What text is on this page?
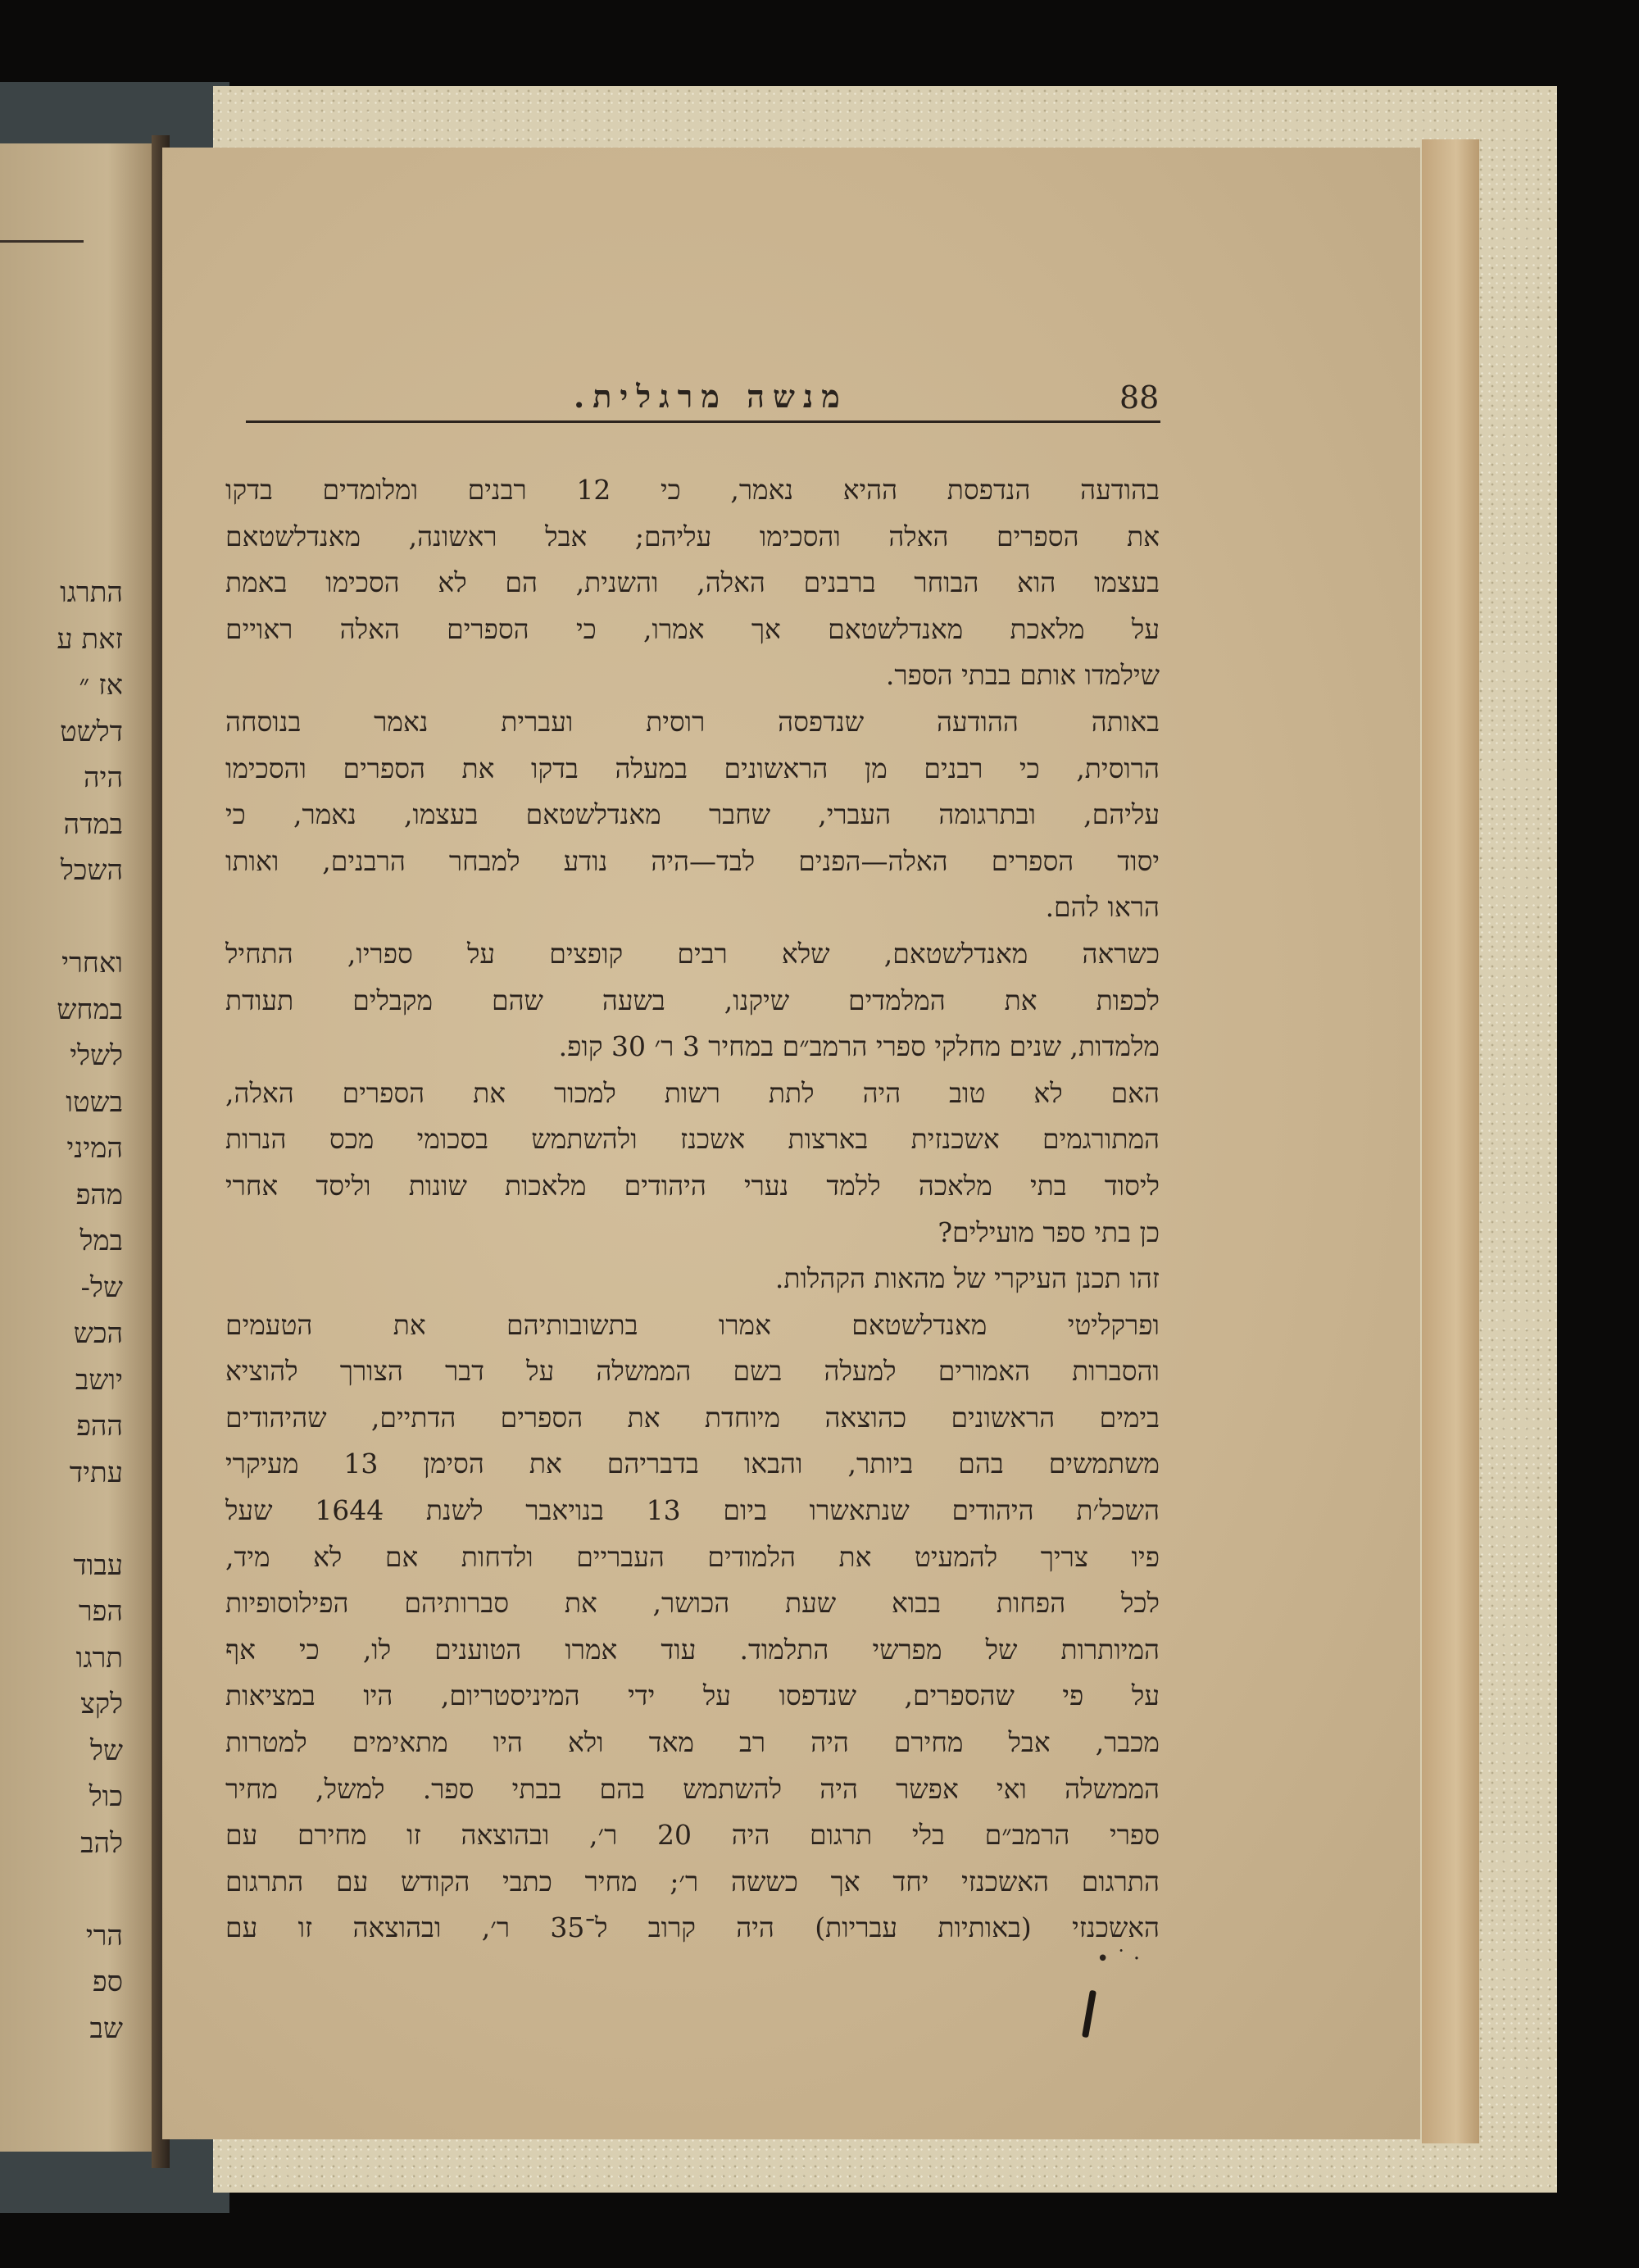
התרגו
זאת ע
אז ״
דלשט
היה
במדה
השכל
ואחרי
במחש
לשלי
בשטו
המיני
מהפ
במל
של-
הכש
יושב
ההפ
עתיד
עבוד
הפר
תרגו
לקצ
של
כול
להב
הרי
ספ
שב
מנשה מרגלית.	88
בהודעה הנדפסת ההיא נאמר, כי 12 רבנים ומלומדים בדקו
את הספרים האלה והסכימו עליהם; אבל ראשונה, מאנדלשטאם
בעצמו הוא הבוחר ברבנים האלה, והשנית, הם לא הסכימו באמת
על מלאכת מאנדלשטאם אך אמרו, כי הספרים האלה ראויים
שילמדו אותם בבתי הספר.
באותה ההודעה שנדפסה רוסית ועברית נאמר בנוסחה
הרוסית, כי רבנים מן הראשונים במעלה בדקו את הספרים והסכימו
עליהם, ובתרגומה העברי, שחבר מאנדלשטאם בעצמו, נאמר, כי
יסוד הספרים האלה—הפנים לבד—היה נודע למבחר הרבנים, ואותו
הראו להם.
כשראה מאנדלשטאם, שלא רבים קופצים על ספריו, התחיל
לכפות את המלמדים שיקנו, בשעה שהם מקבלים תעודת
מלמדות, שנים מחלקי ספרי הרמב״ם במחיר 3 ר׳ 30 קופ.
האם לא טוב היה לתת רשות למכור את הספרים האלה,
המתורגמים אשכנזית בארצות אשכנז ולהשתמש בסכומי מכס הנרות
ליסוד בתי מלאכה ללמד נערי היהודים מלאכות שונות וליסד אחרי
כן בתי ספר מועילים?
זהו תכנן העיקרי של מהאות הקהלות.
ופרקליטי מאנדלשטאם אמרו בתשובותיהם את הטעמים
והסברות האמורים למעלה בשם הממשלה על דבר הצורך להוציא
בימים הראשונים כהוצאה מיוחדת את הספרים הדתיים, שהיהודים
משתמשים בהם ביותר, והבאו בדבריהם את הסימן 13 מעיקרי
השכל׳ת היהודים שנתאשרו ביום 13 בנויאבר לשנת 1644 שעל
פיו צריך להמעיט את הלמודים העבריים ולדחות אם לא מיד,
לכל הפחות בבוא שעת הכושר, את סברותיהם הפילוסופיות
המיותרות של מפרשי התלמוד. עוד אמרו הטוענים לו, כי אף
על פי שהספרים, שנדפסו על ידי המיניסטריום, היו במציאות
מכבר, אבל מחירם היה רב מאד ולא היו מתאימים למטרות
הממשלה ואי אפשר היה להשתמש בהם בבתי ספר. למשל, מחיר
ספרי הרמב״ם בלי תרגום היה 20 ר׳, ובהוצאה זו מחירם עם
התרגום האשכנזי יחד אך כששה ר׳; מחיר כתבי הקודש עם התרגום
האשכנזי (באותיות עבריות) היה קרוב ל־35 ר׳, ובהוצאה זו עם
• ˙ ·
